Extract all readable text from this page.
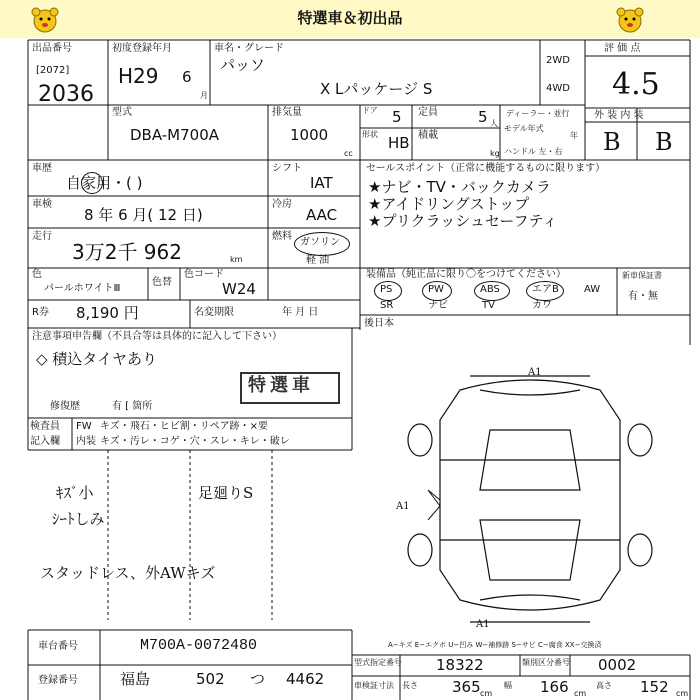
特選車＆初出品
出品番号
[2072]
2036
初度登録年月
H29 6
月
車名・グレード
パッソ
X Lパッケージ S
2WD
4WD
評 価 点
4.5
型式
DBA-M700A
排気量
1000
cc
ドア 5 定員	5 人
形状 HB 積載
kg
ディーラー・並行
モデル年式
年
ハンドル 左・右
外 装 内 装
B B
車歴
自家用・( )
シフト
IAT
セールスポイント（正常に機能するものに限ります）
★ナビ・TV・バックカメラ
★アイドリングストップ
★プリクラッシュセーフティ
車検
8 年 6 月( 12 日)
冷房
AAC
走行
3万2千 962	km
燃料
ガソリン
軽 油
色
パールホワイトⅢ
色替
色コード
W24
装備品（純正品に限り〇をつけてください）
PS	PW	ABS	エアB	AW
SR	ナビ	TV	カワ
新車保証書
有・無
R券 8,190 円	名変期限	年 月 日
後日本
注意事項申告欄（不具合等は具体的に記入して下さい）
◇ 積込タイヤあり
特選車
修復歴	有 [ 箇所
検査員
記入欄
FW キズ・飛石・ヒビ割・リペア跡・×要
内装 キズ・汚レ・コゲ・穴・スレ・キレ・破レ
ｷｽﾞ小
ｼｰﾄしみ
足廻りS
スタッドレス、外AWキズ
A1
A1
A1
A−キズ E−エクボ U−凹み W−補修跡 S−サビ C−腐食 XX−交換済
車台番号	M700A-0072480
登録番号	福島	502 つ 4462
型式指定番号 18322	類別区分番号 0002
車検証寸法 長さ 365 cm
幅 166 cm
高さ 152 cm
